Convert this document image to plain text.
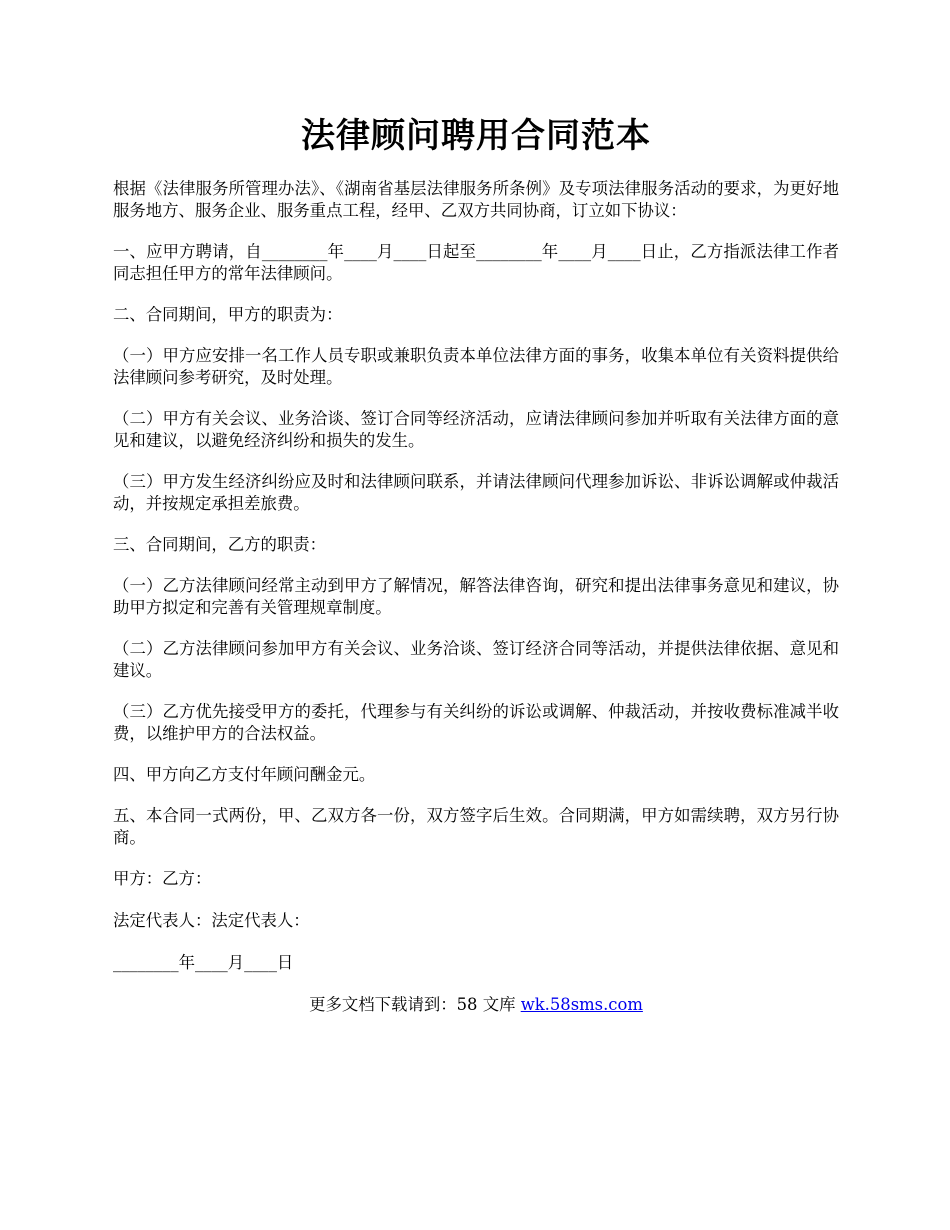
法律顾问聘用合同范本

根据《法律服务所管理办法》、《湖南省基层法律服务所条例》及专项法律服务活动的要求，为更好地服务地方、服务企业、服务重点工程，经甲、乙双方共同协商，订立如下协议：

一、应甲方聘请，自________年____月____日起至________年____月____日止，乙方指派法律工作者同志担任甲方的常年法律顾问。

二、合同期间，甲方的职责为：

（一）甲方应安排一名工作人员专职或兼职负责本单位法律方面的事务，收集本单位有关资料提供给法律顾问参考研究，及时处理。

（二）甲方有关会议、业务洽谈、签订合同等经济活动，应请法律顾问参加并听取有关法律方面的意见和建议，以避免经济纠纷和损失的发生。

（三）甲方发生经济纠纷应及时和法律顾问联系，并请法律顾问代理参加诉讼、非诉讼调解或仲裁活动，并按规定承担差旅费。

三、合同期间，乙方的职责：

（一）乙方法律顾问经常主动到甲方了解情况，解答法律咨询，研究和提出法律事务意见和建议，协助甲方拟定和完善有关管理规章制度。

（二）乙方法律顾问参加甲方有关会议、业务洽谈、签订经济合同等活动，并提供法律依据、意见和建议。

（三）乙方优先接受甲方的委托，代理参与有关纠纷的诉讼或调解、仲裁活动，并按收费标准减半收费，以维护甲方的合法权益。

四、甲方向乙方支付年顾问酬金元。

五、本合同一式两份，甲、乙双方各一份，双方签字后生效。合同期满，甲方如需续聘，双方另行协商。

甲方：乙方：

法定代表人：法定代表人：

________年____月____日

更多文档下载请到：58 文库 wk.58sms.com
